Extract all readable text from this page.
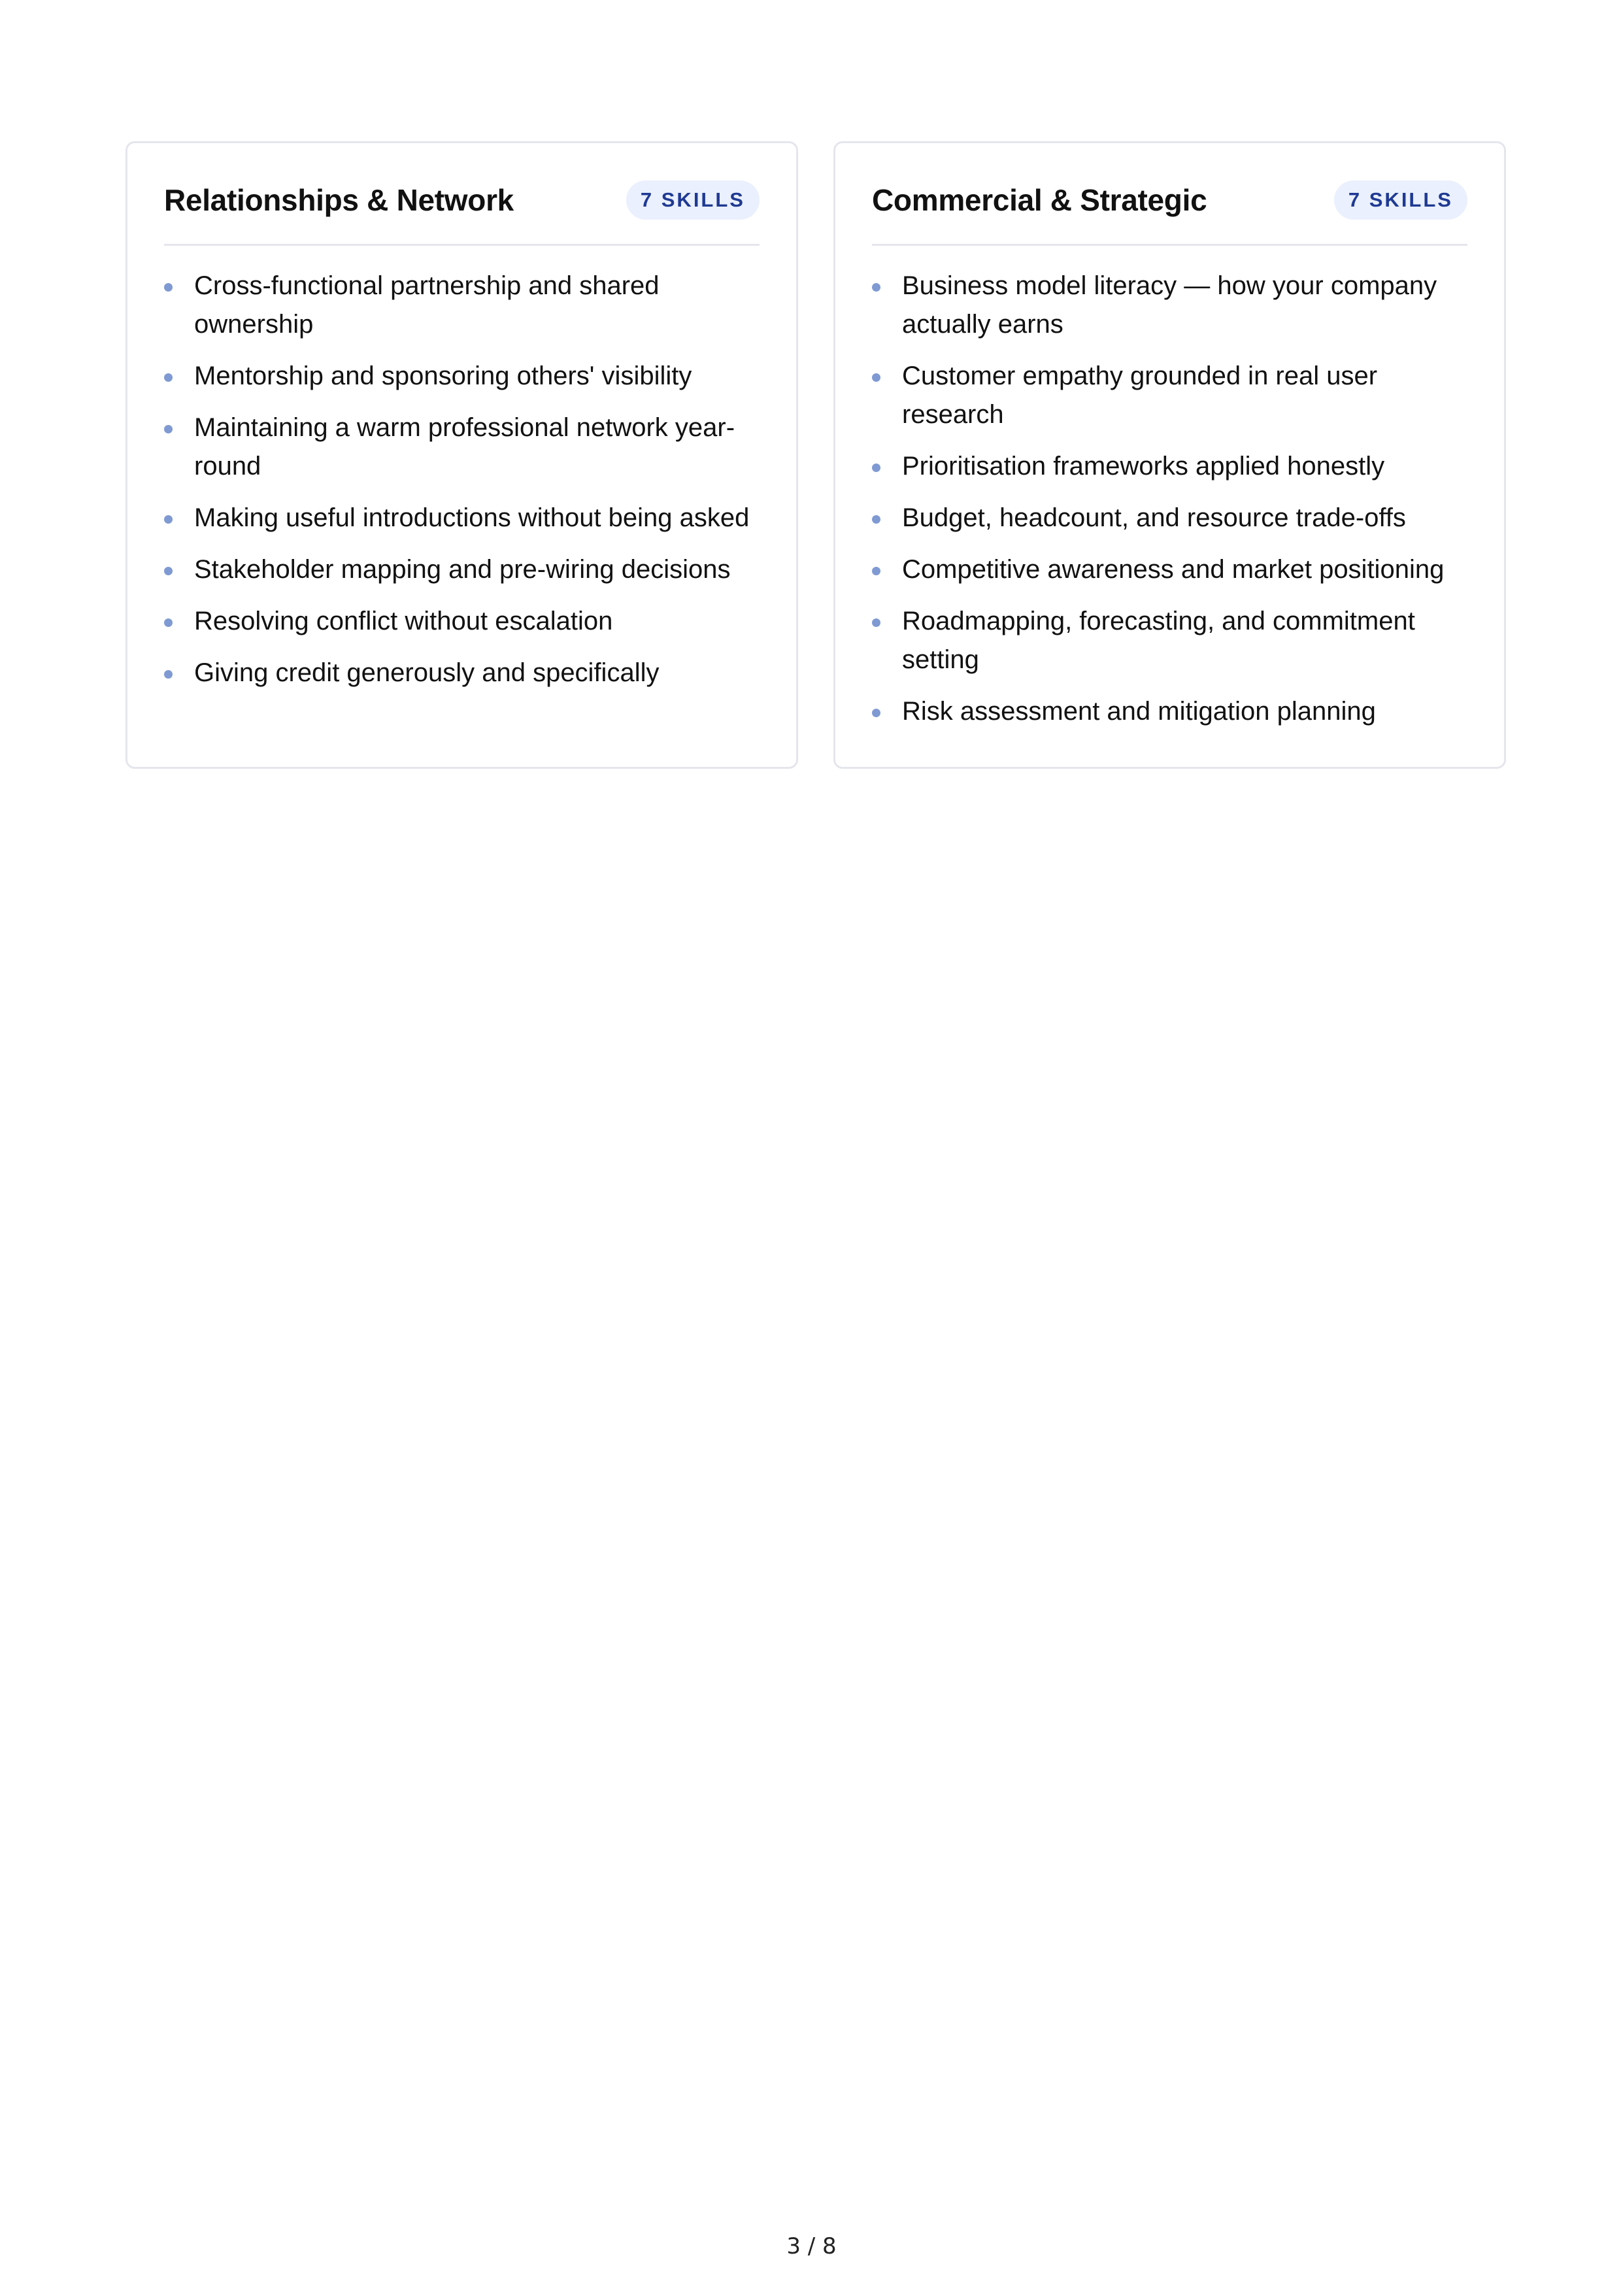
Relationships & Network	7 SKILLS
Cross-functional partnership and shared ownership
Mentorship and sponsoring others' visibility
Maintaining a warm professional network year-round
Making useful introductions without being asked
Stakeholder mapping and pre-wiring decisions
Resolving conflict without escalation
Giving credit generously and specifically
Commercial & Strategic	7 SKILLS
Business model literacy — how your company actually earns
Customer empathy grounded in real user research
Prioritisation frameworks applied honestly
Budget, headcount, and resource trade-offs
Competitive awareness and market positioning
Roadmapping, forecasting, and commitment setting
Risk assessment and mitigation planning
3 / 8
